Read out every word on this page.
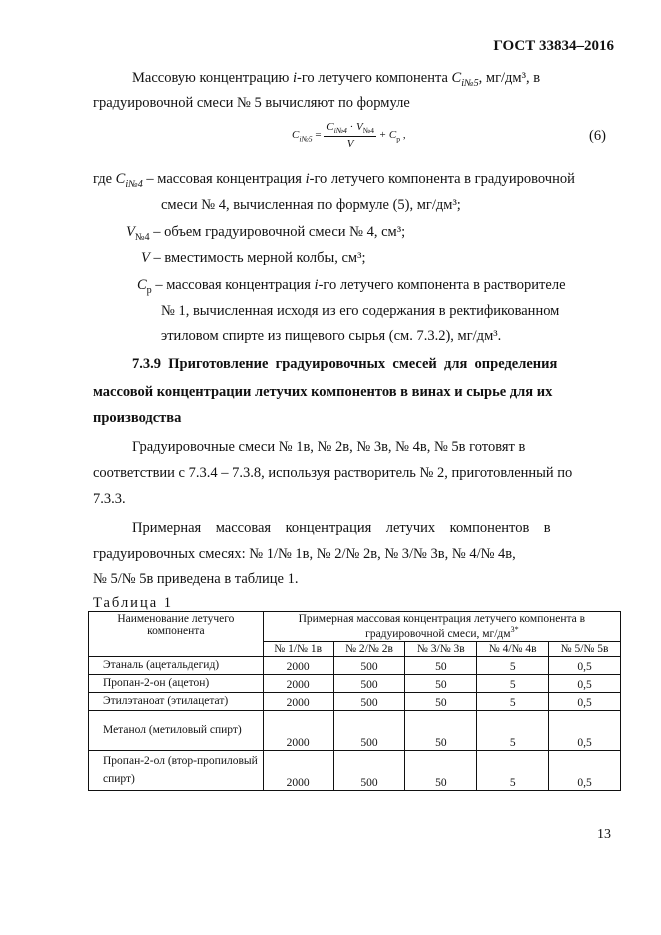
ГОСТ 33834–2016
Массовую концентрацию i-го летучего компонента $C_{i№5}$, мг/дм³, в
градуировочной смеси № 5 вычисляют по формуле
$C_{i№5} = \frac{C_{i№4} \cdot V_{№4}}{V} + C_p$ ,	(6)
где $C_{i№4}$ – массовая концентрация i-го летучего компонента в градуировочной
смеси № 4, вычисленная по формуле (5), мг/дм³;
$V_{№4}$ – объем градуировочной смеси № 4, см³;
V – вместимость мерной колбы, см³;
$C_p$ – массовая концентрация i-го летучего компонента в растворителе
№ 1, вычисленная исходя из его содержания в ректификованном
этиловом спирте из пищевого сырья (см. 7.3.2), мг/дм³.
7.3.9  Приготовление  градуировочных  смесей  для  определения
массовой концентрации летучих компонентов в винах и сырье для их
производства
Градуировочные смеси № 1в, № 2в, № 3в, № 4в, № 5в готовят в
соответствии с 7.3.4 – 7.3.8, используя растворитель № 2, приготовленный по
7.3.3.
Примерная    массовая    концентрация    летучих    компонентов    в
градуировочных смесях: № 1/№ 1в, № 2/№ 2в, № 3/№ 3в, № 4/№ 4в,
№ 5/№ 5в приведена в таблице 1.
Таблица 1
Наименование летучего компонента	Примерная массовая концентрация летучего компонента в градуировочной смеси, $мг/дм^{3*}$
	№ 1/№ 1в	№ 2/№ 2в	№ 3/№ 3в	№ 4/№ 4в	№ 5/№ 5в
Этаналь (ацетальдегид)	2000	500	50	5	0,5
Пропан-2-он (ацетон)	2000	500	50	5	0,5
Этилэтаноат (этилацетат)	2000	500	50	5	0,5
Метанол (метиловый спирт)	2000	500	50	5	0,5
Пропан-2-ол (втор-пропиловый спирт)	2000	500	50	5	0,5
13
